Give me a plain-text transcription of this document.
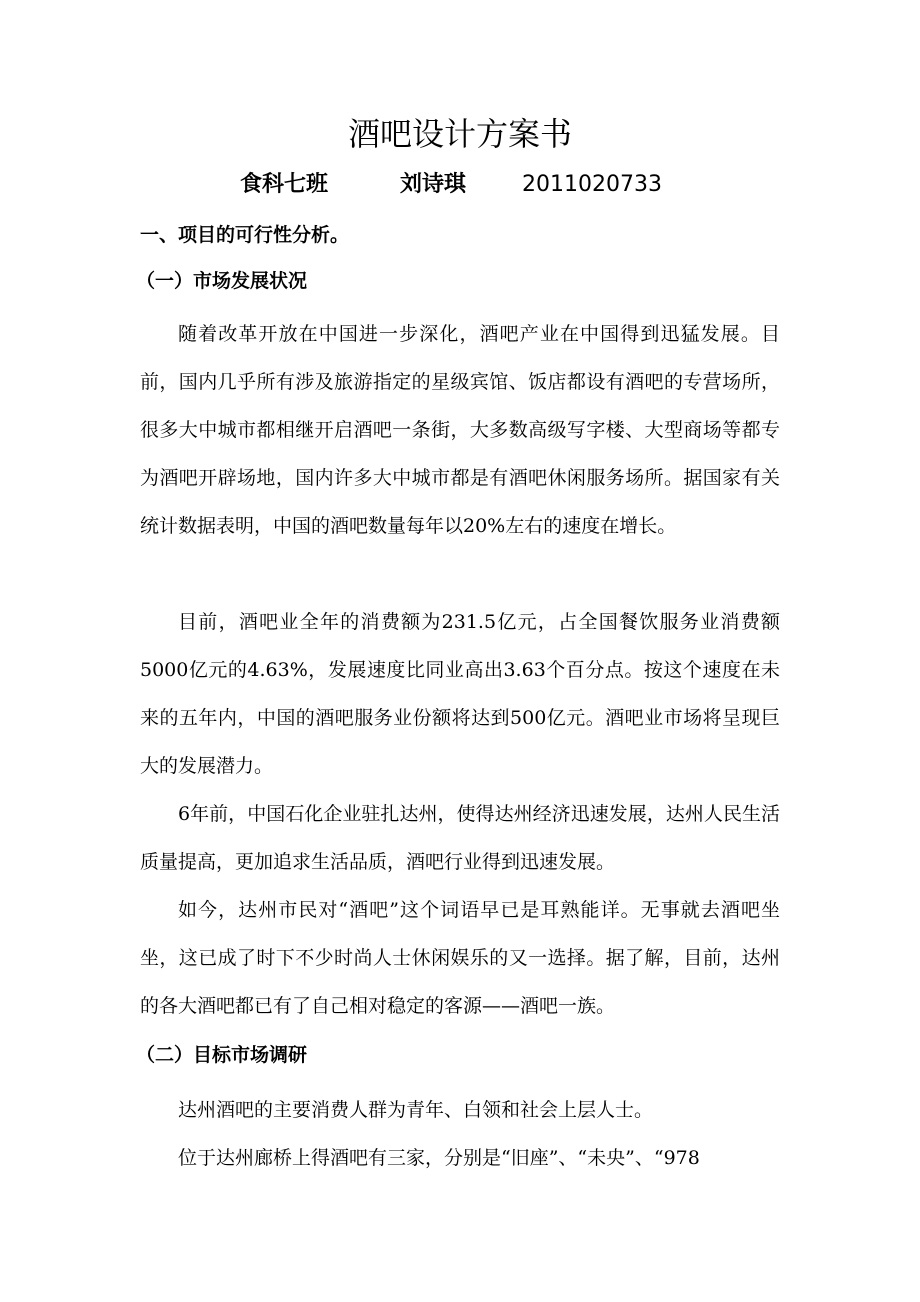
酒吧设计方案书
食科七班	刘诗琪	2011020733
一、项目的可行性分析。
（一）市场发展状况

随着改革开放在中国进一步深化，酒吧产业在中国得到迅猛发展。目前，国内几乎所有涉及旅游指定的星级宾馆、饭店都设有酒吧的专营场所，很多大中城市都相继开启酒吧一条街，大多数高级写字楼、大型商场等都专为酒吧开辟场地，国内许多大中城市都是有酒吧休闲服务场所。据国家有关统计数据表明，中国的酒吧数量每年以20%左右的速度在增长。

目前，酒吧业全年的消费额为231.5亿元，占全国餐饮服务业消费额5000亿元的4.63%，发展速度比同业高出3.63个百分点。按这个速度在未来的五年内，中国的酒吧服务业份额将达到500亿元。酒吧业市场将呈现巨大的发展潜力。

6年前，中国石化企业驻扎达州，使得达州经济迅速发展，达州人民生活质量提高，更加追求生活品质，酒吧行业得到迅速发展。

如今，达州市民对“酒吧”这个词语早已是耳熟能详。无事就去酒吧坐坐，这已成了时下不少时尚人士休闲娱乐的又一选择。据了解，目前，达州的各大酒吧都已有了自己相对稳定的客源——酒吧一族。

（二）目标市场调研

达州酒吧的主要消费人群为青年、白领和社会上层人士。

位于达州廊桥上得酒吧有三家，分别是“旧座”、“未央”、“978
